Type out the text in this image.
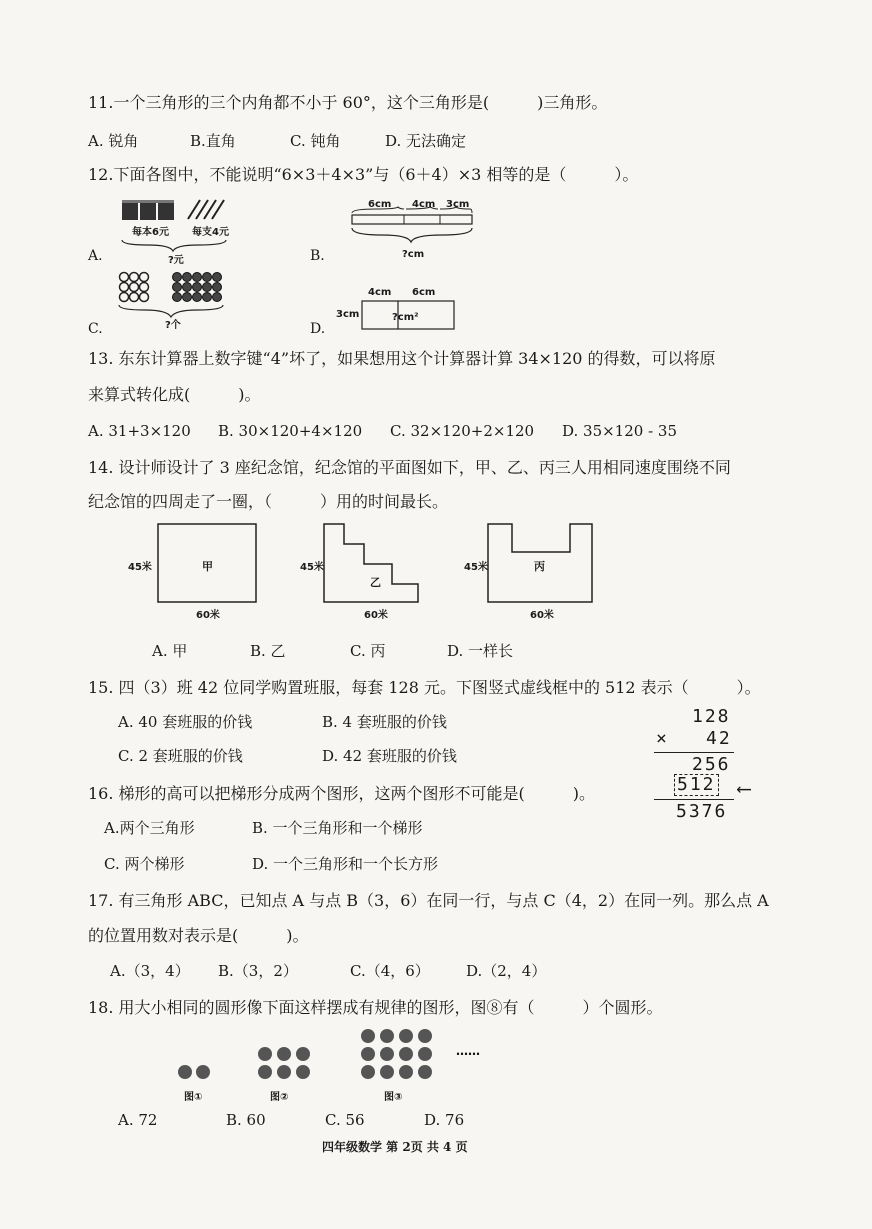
11.一个三角形的三个内角都不小于 60°，这个三角形是(　　　)三角形。
A. 锐角	B.直角	C. 钝角	D. 无法确定
12.下面各图中，不能说明“6×3＋4×3”与（6＋4）×3 相等的是（　　　）。
每本6元 每支4元
?元
A.
6cm 4cm 3cm
?cm
B.
?个
C.
4cm 6cm
3cm	?cm²
D.
13. 东东计算器上数字键“4”坏了，如果想用这个计算器计算 34×120 的得数，可以将原
来算式转化成(　　　)。
A. 31+3×120 B. 30×120+4×120 C. 32×120+2×120 D. 35×120 - 35
14. 设计师设计了 3 座纪念馆，纪念馆的平面图如下，甲、乙、丙三人用相同速度围绕不同
纪念馆的四周走了一圈，（　　　）用的时间最长。
45米	甲
60米
45米
乙
60米
45米	丙
60米
A. 甲	B. 乙	C. 丙	D. 一样长
15. 四（3）班 42 位同学购置班服，每套 128 元。下图竖式虚线框中的 512 表示（　　　）。
A. 40 套班服的价钱	B. 4 套班服的价钱
C. 2 套班服的价钱	D. 42 套班服的价钱
128
× 42
256
512 ⟵
5376
16. 梯形的高可以把梯形分成两个图形，这两个图形不可能是(　　　)。
A.两个三角形	B. 一个三角形和一个梯形
C. 两个梯形	D. 一个三角形和一个长方形
17. 有三角形 ABC，已知点 A 与点 B（3，6）在同一行，与点 C（4，2）在同一列。那么点 A
的位置用数对表示是(　　　)。
A.（3，4） B.（3，2）	C.（4，6） D.（2，4）
18. 用大小相同的圆形像下面这样摆成有规律的图形，图⑧有（　　　）个圆形。
图①	图②	图③
……
A. 72	B. 60	C. 56	D. 76
四年级数学 第 2页 共 4 页
